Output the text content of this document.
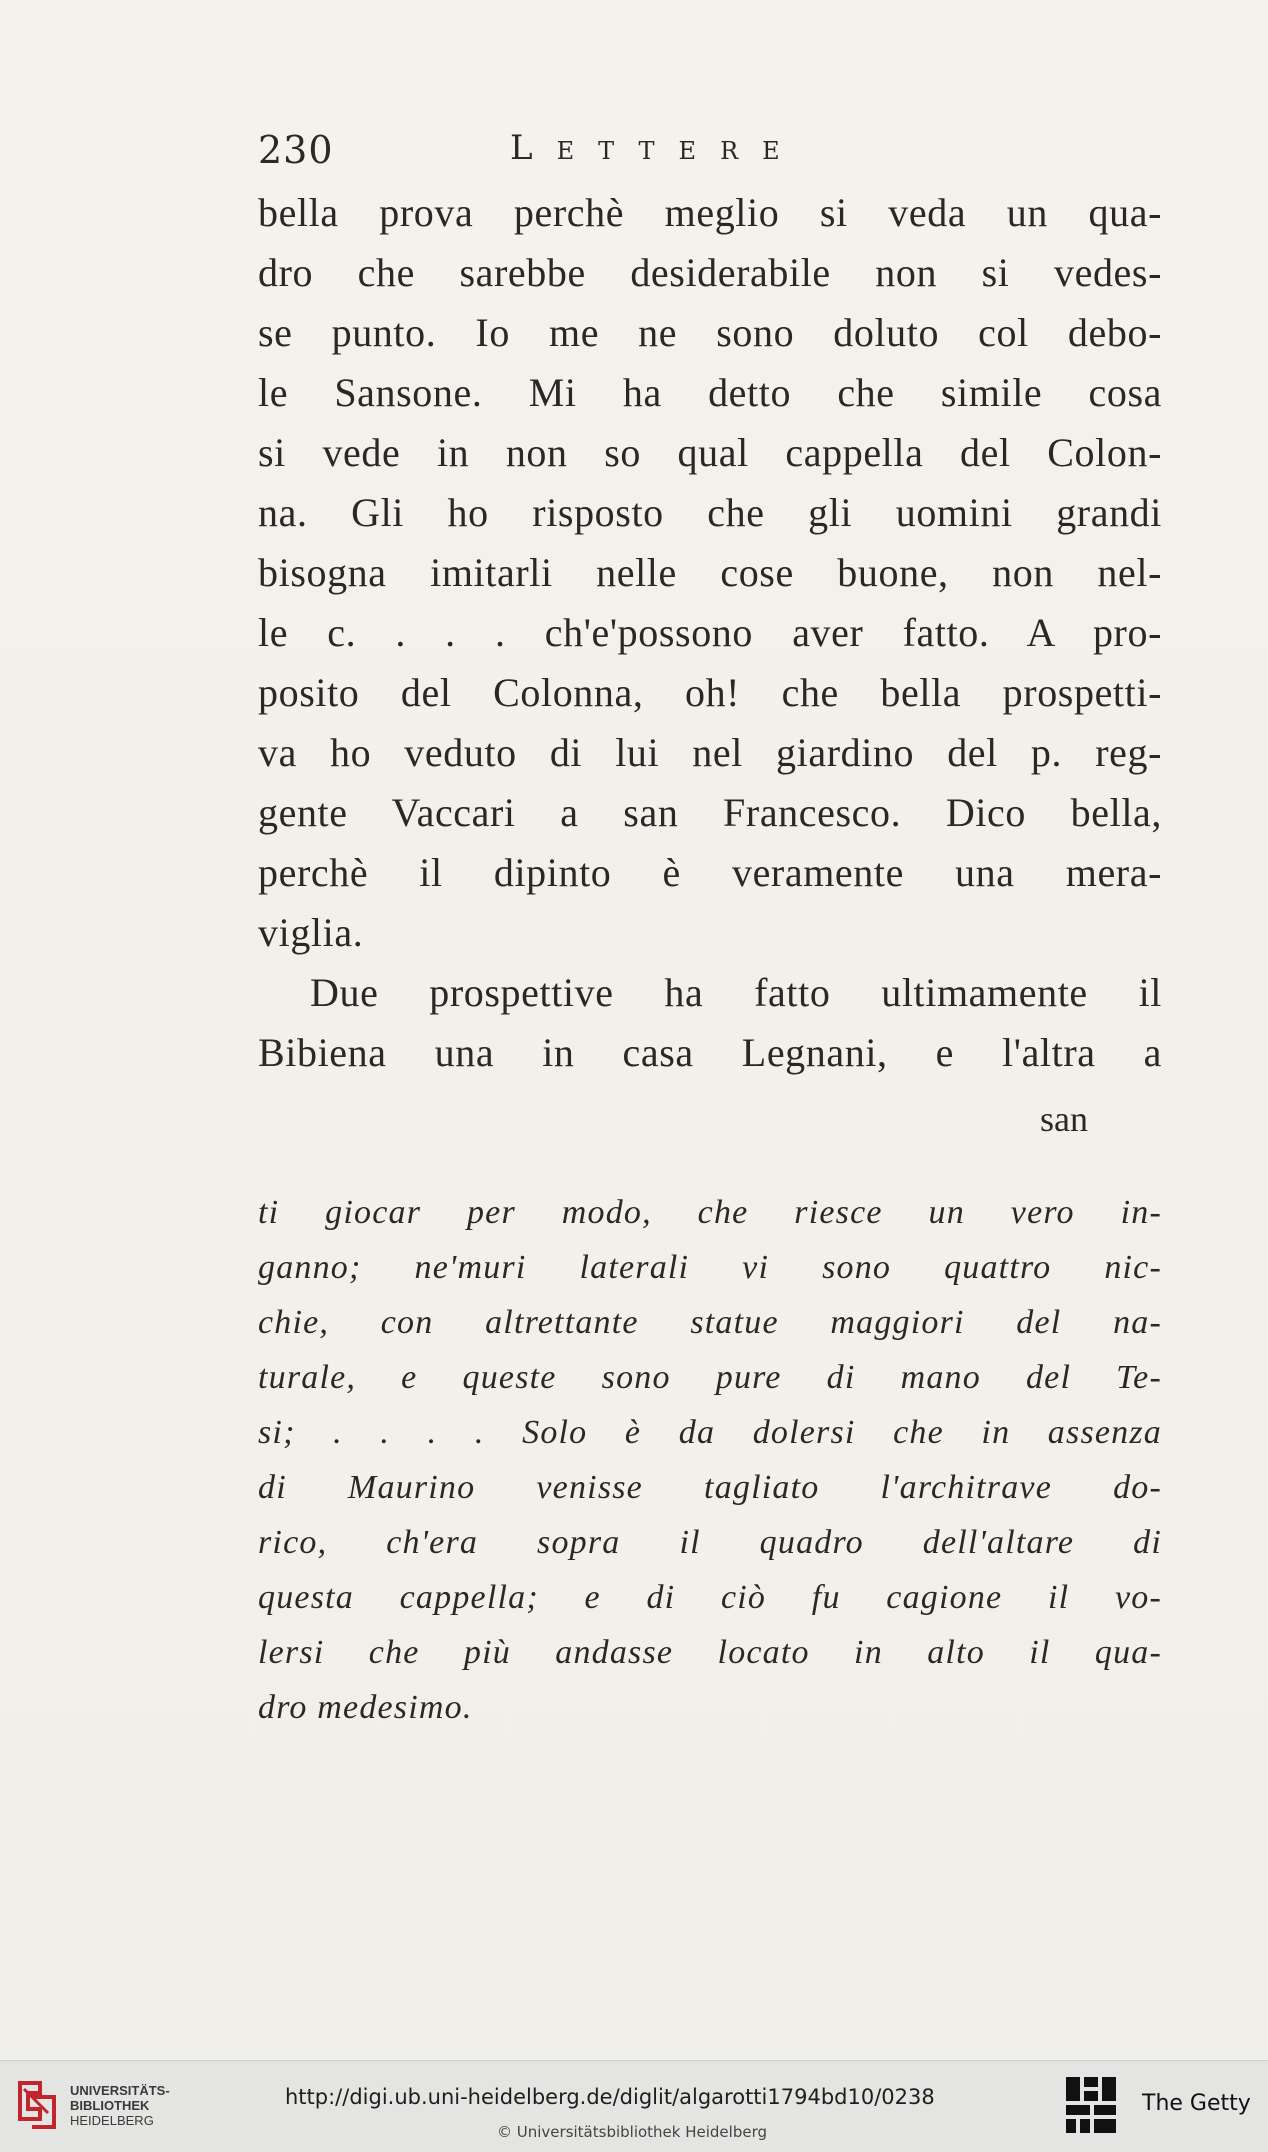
230	Lettere
bella prova perchè meglio si veda un qua-
dro che sarebbe desiderabile non si vedes-
se punto. Io me ne sono doluto col debo-
le Sansone. Mi ha detto che simile cosa
si vede in non so qual cappella del Colon-
na. Gli ho risposto che gli uomini grandi
bisogna imitarli nelle cose buone, non nel-
le c. . . . ch'e'possono aver fatto. A pro-
posito del Colonna, oh! che bella prospetti-
va ho veduto di lui nel giardino del p. reg-
gente Vaccari a san Francesco. Dico bella,
perchè il dipinto è veramente una mera-
viglia.
Due prospettive ha fatto ultimamente il
Bibiena una in casa Legnani, e l'altra a
san
ti giocar per modo, che riesce un vero in-
ganno; ne'muri laterali vi sono quattro nic-
chie, con altrettante statue maggiori del na-
turale, e queste sono pure di mano del Te-
si; . . . . Solo è da dolersi che in assenza
di Maurino venisse tagliato l'architrave do-
rico, ch'era sopra il quadro dell'altare di
questa cappella; e di ciò fu cagione il vo-
lersi che più andasse locato in alto il qua-
dro medesimo.
UNIVERSITÄTS-
BIBLIOTHEK
HEIDELBERG
http://digi.ub.uni-heidelberg.de/diglit/algarotti1794bd10/0238
© Universitätsbibliothek Heidelberg
The Getty
